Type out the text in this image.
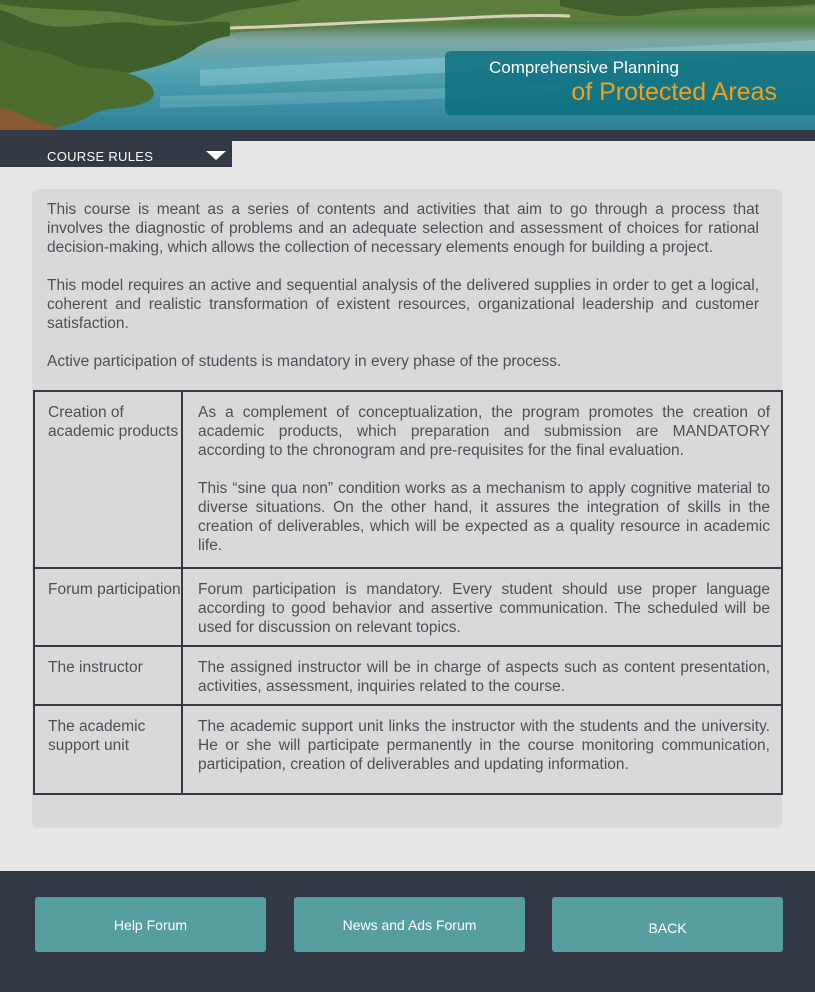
Comprehensive Planning
of Protected Areas
COURSE RULES

This course is meant as a series of contents and activities that aim to go through a process that involves the diagnostic of problems and an adequate selection and assessment of choices for rational decision-making, which allows the collection of necessary elements enough for building a project.

This model requires an active and sequential analysis of the delivered supplies in order to get a logical, coherent and realistic transformation of existent resources, organizational leadership and customer satisfaction.

Active participation of students is mandatory in every phase of the process.

Creation of academic products	As a complement of conceptualization, the program promotes the creation of academic products, which preparation and submission are MANDATORY according to the chronogram and pre-requisites for the final evaluation.

This “sine qua non” condition works as a mechanism to apply cognitive material to diverse situations. On the other hand, it assures the integration of skills in the creation of deliverables, which will be expected as a quality resource in academic life.

Forum participation	Forum participation is mandatory. Every student should use proper language according to good behavior and assertive communication. The scheduled will be used for discussion on relevant topics.

The instructor	The assigned instructor will be in charge of aspects such as content presentation, activities, assessment, inquiries related to the course.

The academic support unit	The academic support unit links the instructor with the students and the university. He or she will participate permanently in the course monitoring communication, participation, creation of deliverables and updating information.

Help Forum	News and Ads Forum	BACK
